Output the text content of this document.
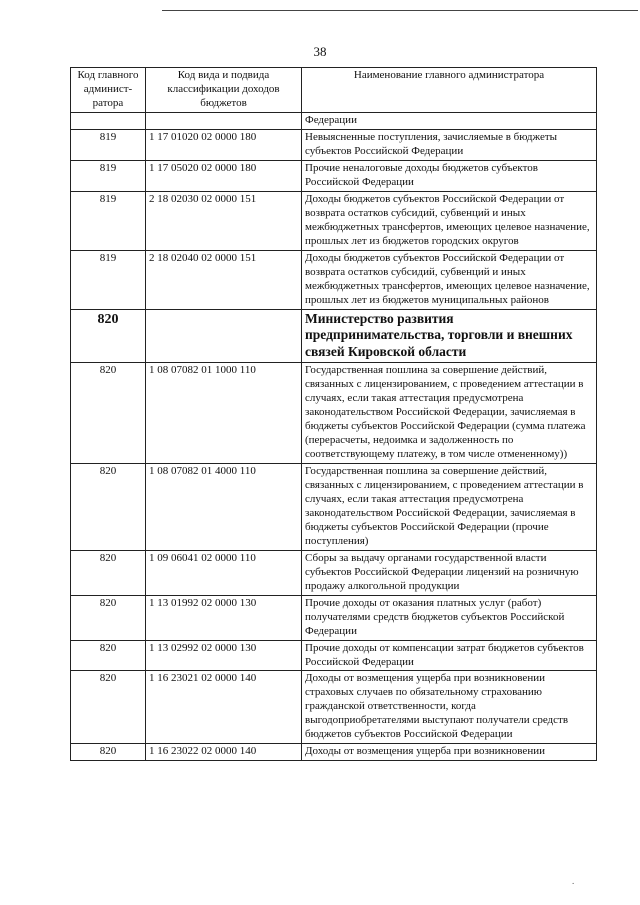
38
Код главного админист-ратора	Код вида и подвида классификации доходов бюджетов	Наименование главного администратора
		Федерации
819	1 17 01020 02 0000 180	Невыясненные поступления, зачисляемые в бюджеты субъектов Российской Федерации
819	1 17 05020 02 0000 180	Прочие неналоговые доходы бюджетов субъектов Российской Федерации
819	2 18 02030 02 0000 151	Доходы бюджетов субъектов Российской Федерации от возврата остатков субсидий, субвенций и иных межбюджетных трансфертов, имеющих целевое назначение, прошлых лет из бюджетов городских округов
819	2 18 02040 02 0000 151	Доходы бюджетов субъектов Российской Федерации от возврата остатков субсидий, субвенций и иных межбюджетных трансфертов, имеющих целевое назначение, прошлых лет из бюджетов муниципальных районов
820		Министерство развития предпринимательства, торговли и внешних связей Кировской области
820	1 08 07082 01 1000 110	Государственная пошлина за совершение действий, связанных с лицензированием, с проведением аттестации в случаях, если такая аттестация предусмотрена законодательством Российской Федерации, зачисляемая в бюджеты субъектов Российской Федерации (сумма платежа (перерасчеты, недоимка и задолженность по соответствующему платежу, в том числе отмененному))
820	1 08 07082 01 4000 110	Государственная пошлина за совершение действий, связанных с лицензированием, с проведением аттестации в случаях, если такая аттестация предусмотрена законодательством Российской Федерации, зачисляемая в бюджеты субъектов Российской Федерации (прочие поступления)
820	1 09 06041 02 0000 110	Сборы за выдачу органами государственной власти субъектов Российской Федерации лицензий на розничную продажу алкогольной продукции
820	1 13 01992 02 0000 130	Прочие доходы от оказания платных услуг (работ) получателями средств бюджетов субъектов Российской Федерации
820	1 13 02992 02 0000 130	Прочие доходы от компенсации затрат бюджетов субъектов Российской Федерации
820	1 16 23021 02 0000 140	Доходы от возмещения ущерба при возникновении страховых случаев по обязательному страхованию гражданской ответственности, когда выгодоприобретателями выступают получатели средств бюджетов субъектов Российской Федерации
820	1 16 23022 02 0000 140	Доходы от возмещения ущерба при возникновении
.
